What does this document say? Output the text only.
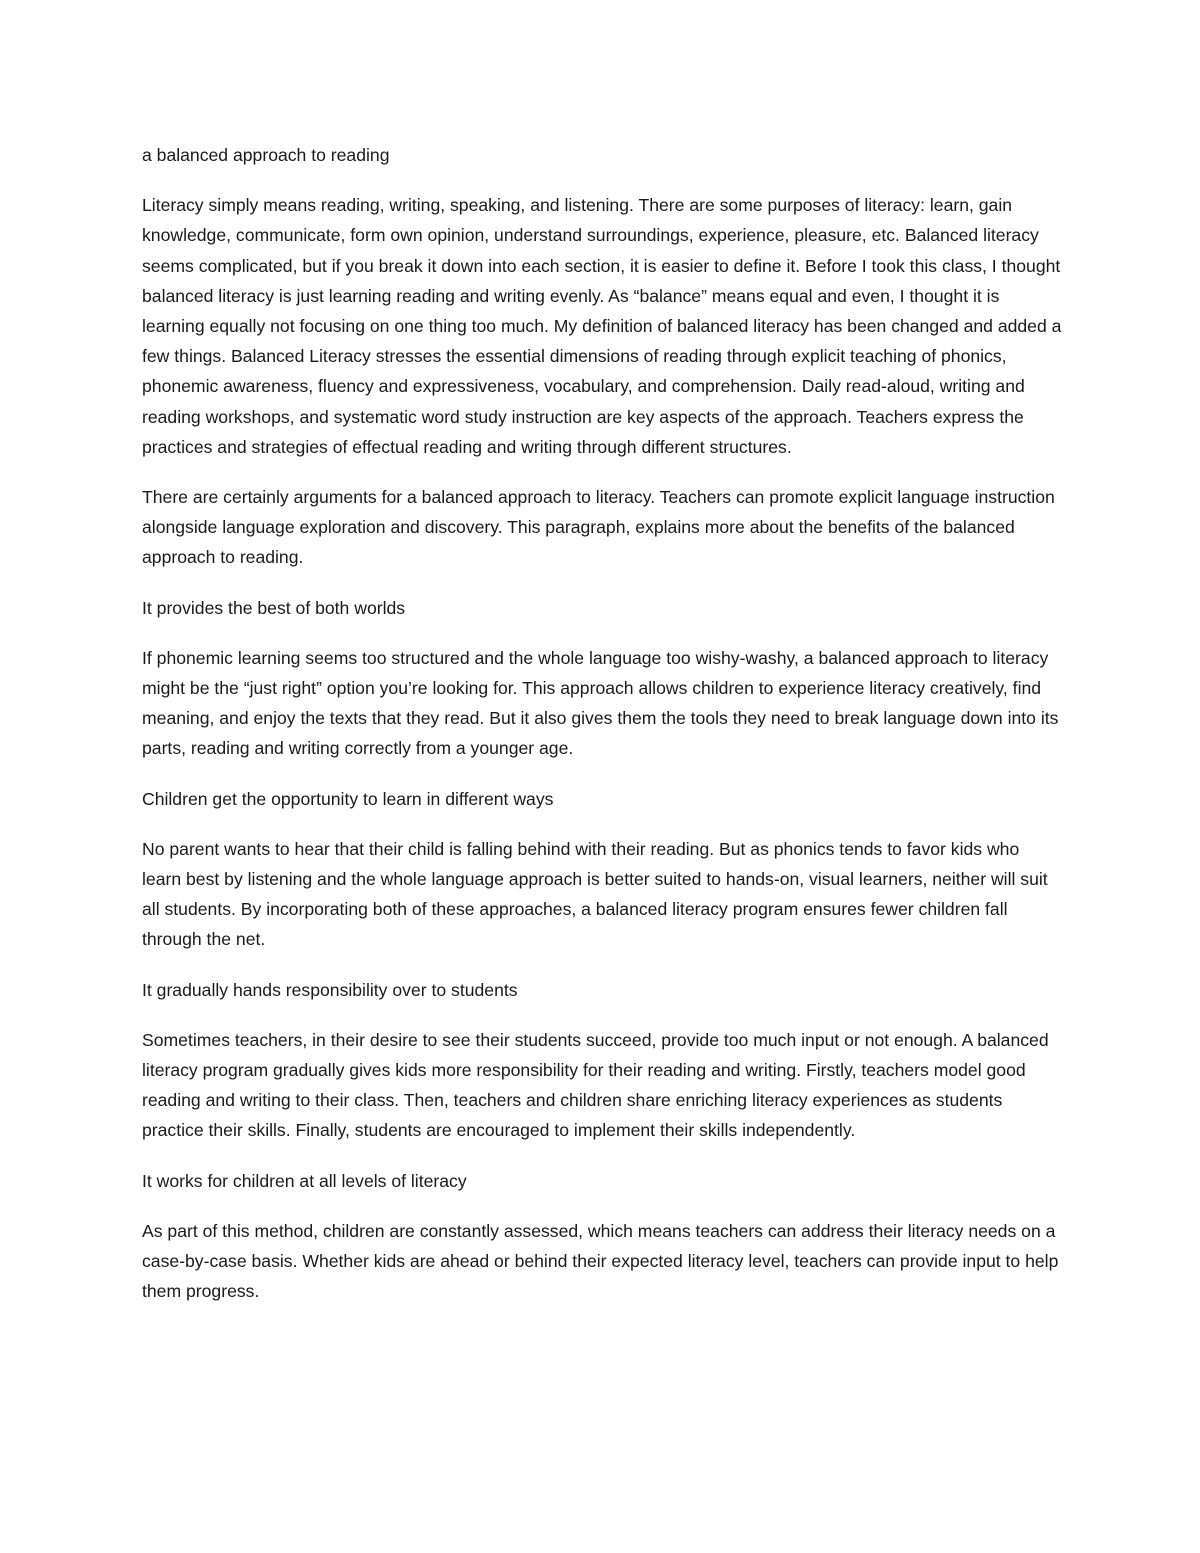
a balanced approach to reading

Literacy simply means reading, writing, speaking, and listening. There are some purposes of literacy: learn, gain knowledge, communicate, form own opinion, understand surroundings, experience, pleasure, etc. Balanced literacy seems complicated, but if you break it down into each section, it is easier to define it. Before I took this class, I thought balanced literacy is just learning reading and writing evenly. As “balance” means equal and even, I thought it is learning equally not focusing on one thing too much. My definition of balanced literacy has been changed and added a few things. Balanced Literacy stresses the essential dimensions of reading through explicit teaching of phonics, phonemic awareness, fluency and expressiveness, vocabulary, and comprehension. Daily read-aloud, writing and reading workshops, and systematic word study instruction are key aspects of the approach. Teachers express the practices and strategies of effectual reading and writing through different structures.

There are certainly arguments for a balanced approach to literacy. Teachers can promote explicit language instruction alongside language exploration and discovery. This paragraph, explains more about the benefits of the balanced approach to reading.

It provides the best of both worlds

If phonemic learning seems too structured and the whole language too wishy-washy, a balanced approach to literacy might be the “just right” option you’re looking for. This approach allows children to experience literacy creatively, find meaning, and enjoy the texts that they read. But it also gives them the tools they need to break language down into its parts, reading and writing correctly from a younger age.

Children get the opportunity to learn in different ways

No parent wants to hear that their child is falling behind with their reading. But as phonics tends to favor kids who learn best by listening and the whole language approach is better suited to hands-on, visual learners, neither will suit all students. By incorporating both of these approaches, a balanced literacy program ensures fewer children fall through the net.

It gradually hands responsibility over to students

Sometimes teachers, in their desire to see their students succeed, provide too much input or not enough. A balanced literacy program gradually gives kids more responsibility for their reading and writing. Firstly, teachers model good reading and writing to their class. Then, teachers and children share enriching literacy experiences as students practice their skills. Finally, students are encouraged to implement their skills independently.

It works for children at all levels of literacy

As part of this method, children are constantly assessed, which means teachers can address their literacy needs on a case-by-case basis. Whether kids are ahead or behind their expected literacy level, teachers can provide input to help them progress.
